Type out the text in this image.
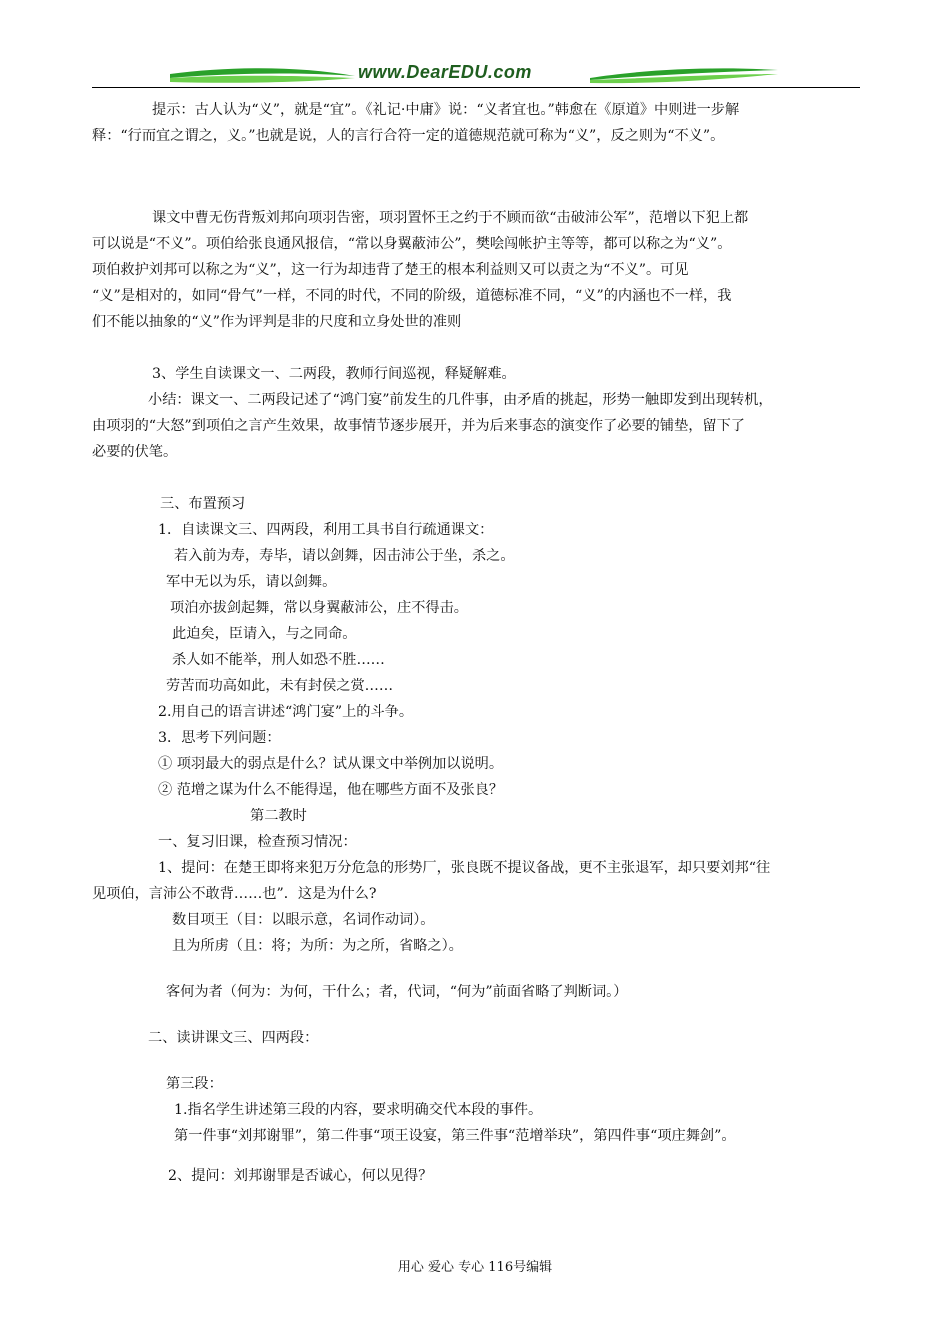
www.DearEDU.com

提示：古人认为“义”，就是“宜”。《礼记·中庸》说：“义者宜也。”韩愈在《原道》中则进一步解

释：“行而宜之谓之，义。”也就是说，人的言行合符一定的道德规范就可称为“义”，反之则为“不义”。

课文中曹无伤背叛刘邦向项羽告密，项羽置怀王之约于不顾而欲“击破沛公军”，范增以下犯上都

可以说是“不义”。项伯给张良通风报信，“常以身翼蔽沛公”，樊哙闯帐护主等等，都可以称之为“义”。

项伯救护刘邦可以称之为“义”，这一行为却违背了楚王的根本利益则又可以责之为“不义”。可见

“义”是相对的，如同“骨气”一样，不同的时代，不同的阶级，道德标准不同，“义”的内涵也不一样，我

们不能以抽象的“义”作为评判是非的尺度和立身处世的准则

3、学生自读课文一、二两段，教师行间巡视，释疑解难。

小结：课文一、二两段记述了“鸿门宴”前发生的几件事，由矛盾的挑起，形势一触即发到出现转机，

由项羽的“大怒”到项伯之言产生效果，故事情节逐步展开，并为后来事态的演变作了必要的铺垫，留下了

必要的伏笔。

三、布置预习

1．自读课文三、四两段，利用工具书自行疏通课文：

若入前为寿，寿毕，请以剑舞，因击沛公于坐，杀之。

军中无以为乐，请以剑舞。

项泊亦拔剑起舞，常以身翼蔽沛公，庄不得击。

此迫矣，臣请入，与之同命。

杀人如不能举，刑人如恐不胜……

劳苦而功高如此，未有封侯之赏……

2.用自己的语言讲述“鸿门宴”上的斗争。

3．思考下列问题：

① 项羽最大的弱点是什么？试从课文中举例加以说明。

② 范增之谋为什么不能得逞，他在哪些方面不及张良？

第二教时

一、复习旧课，检查预习情况：

1、提问：在楚王即将来犯万分危急的形势厂，张良既不提议备战，更不主张退军，却只要刘邦“往

见项伯，言沛公不敢背……也”．这是为什么?

数目项王（目：以眼示意，名词作动词）。

且为所虏（且：将；为所：为之所，省略之）。

客何为者（何为：为何，干什么；者，代词，“何为”前面省略了判断词。）

二、读讲课文三、四两段：

第三段：

1.指名学生讲述第三段的内容，要求明确交代本段的事件。

第一件事“刘邦谢罪”，第二件事“项王设宴，第三件事“范增举玦”，第四件事“项庄舞剑”。

2、提问：刘邦谢罪是否诚心，何以见得？

用心 爱心 专心 116号编辑
